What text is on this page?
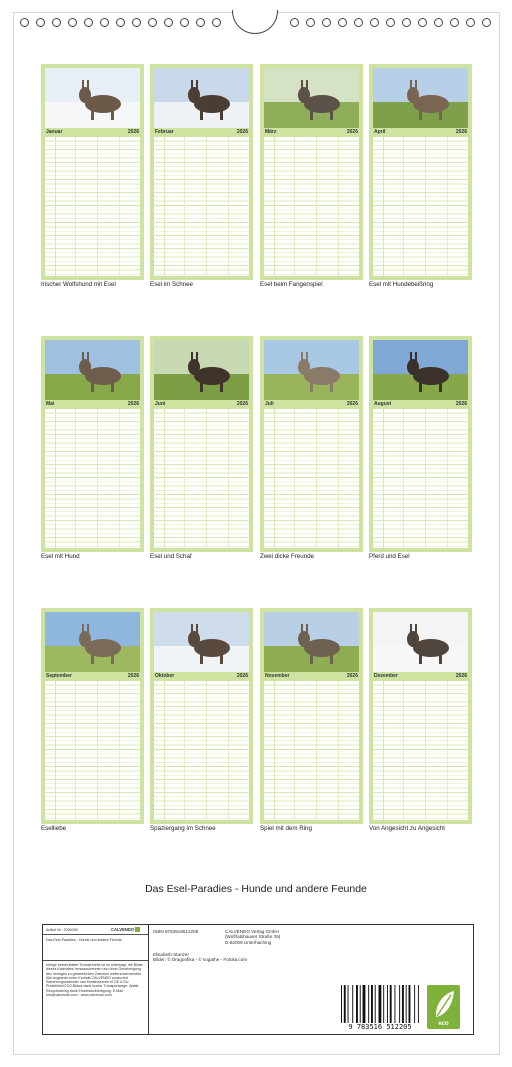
Januar	2026
Irischer Wolfshund mit Esel
Februar	2026
Esel im Schnee
März	2026
Esel beim Fangenspiel
April	2026
Esel mit Hundebeißring
Mai	2026
Esel mit Hund
Juni	2026
Esel und Schaf
Juli	2026
Zwei dicke Freunde
August	2026
Pferd und Esel
September	2026
Eselliebe
Oktober	2026
Spaziergang im Schnee
November	2026
Spiel mit dem Ring
Dezember	2026
Von Angesicht zu Angesicht
Das Esel-Paradies - Hunde und andere Feunde
Artikel Nr.: 2090095	CALVENDO
Das Esel-Paradies - Hunde und andere Feunde
Infolge beschränkter Schutzrechte ist es untersagt, die Bilder dieses Kalenders herauszutrennen und ohne Genehmigung des Verlages zu gewerblichen Zwecken weiterzuverwenden. Alle Angebote unter Kontakt CALVENDO produziert Sammlungskalender und Kreativservice in DE & EU. Preisfehler/CO2-Bilanz dank bunter Transportwege. Abfall-Recyclewising dank Einzelstückfertigung. E-Mail: info@calvendo.com · www.calvendo.com
ISBN 9783516512205
Elisabeth Stanzer
Bilder: © Dragonfika - © sogathe - Fotolia.com
CALVENDO Verlag GmbH
(Wolfratshauser Straße 39)
D-82008 Unterhaching
9 783516 512205	eco
